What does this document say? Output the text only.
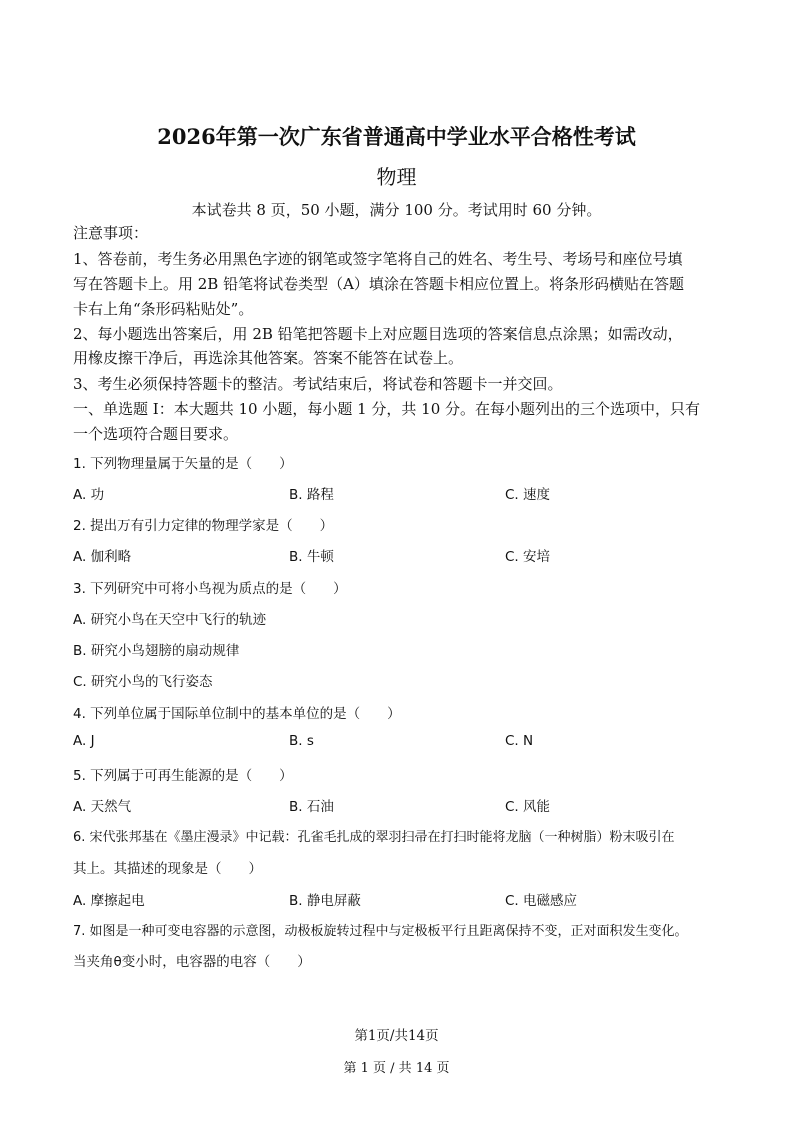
2026年第一次广东省普通高中学业水平合格性考试
物理
本试卷共 8 页，50 小题，满分 100 分。考试用时 60 分钟。
注意事项：
1、答卷前，考生务必用黑色字迹的钢笔或签字笔将自己的姓名、考生号、考场号和座位号填
写在答题卡上。用 2B 铅笔将试卷类型（A）填涂在答题卡相应位置上。将条形码横贴在答题
卡右上角“条形码粘贴处”。
2、每小题选出答案后，用 2B 铅笔把答题卡上对应题目选项的答案信息点涂黑；如需改动，
用橡皮擦干净后，再选涂其他答案。答案不能答在试卷上。
3、考生必须保持答题卡的整洁。考试结束后，将试卷和答题卡一并交回。
一、单选题 I：本大题共 10 小题，每小题 1 分，共 10 分。在每小题列出的三个选项中，只有
一个选项符合题目要求。
1. 下列物理量属于矢量的是（　　）
A. 功	B. 路程	C. 速度
2. 提出万有引力定律的物理学家是（　　）
A. 伽利略	B. 牛顿	C. 安培
3. 下列研究中可将小鸟视为质点的是（　　）
A. 研究小鸟在天空中飞行的轨迹
B. 研究小鸟翅膀的扇动规律
C. 研究小鸟的飞行姿态
4. 下列单位属于国际单位制中的基本单位的是（　　）
A. J	B. s	C. N
5. 下列属于可再生能源的是（　　）
A. 天然气	B. 石油	C. 风能
6. 宋代张邦基在《墨庄漫录》中记载：孔雀毛扎成的翠羽扫帚在打扫时能将龙脑（一种树脂）粉末吸引在
其上。其描述的现象是（　　）
A. 摩擦起电	B. 静电屏蔽	C. 电磁感应
7. 如图是一种可变电容器的示意图，动极板旋转过程中与定极板平行且距离保持不变，正对面积发生变化。
当夹角θ变小时，电容器的电容（　　）
第1页/共14页
第 1 页 / 共 14 页
